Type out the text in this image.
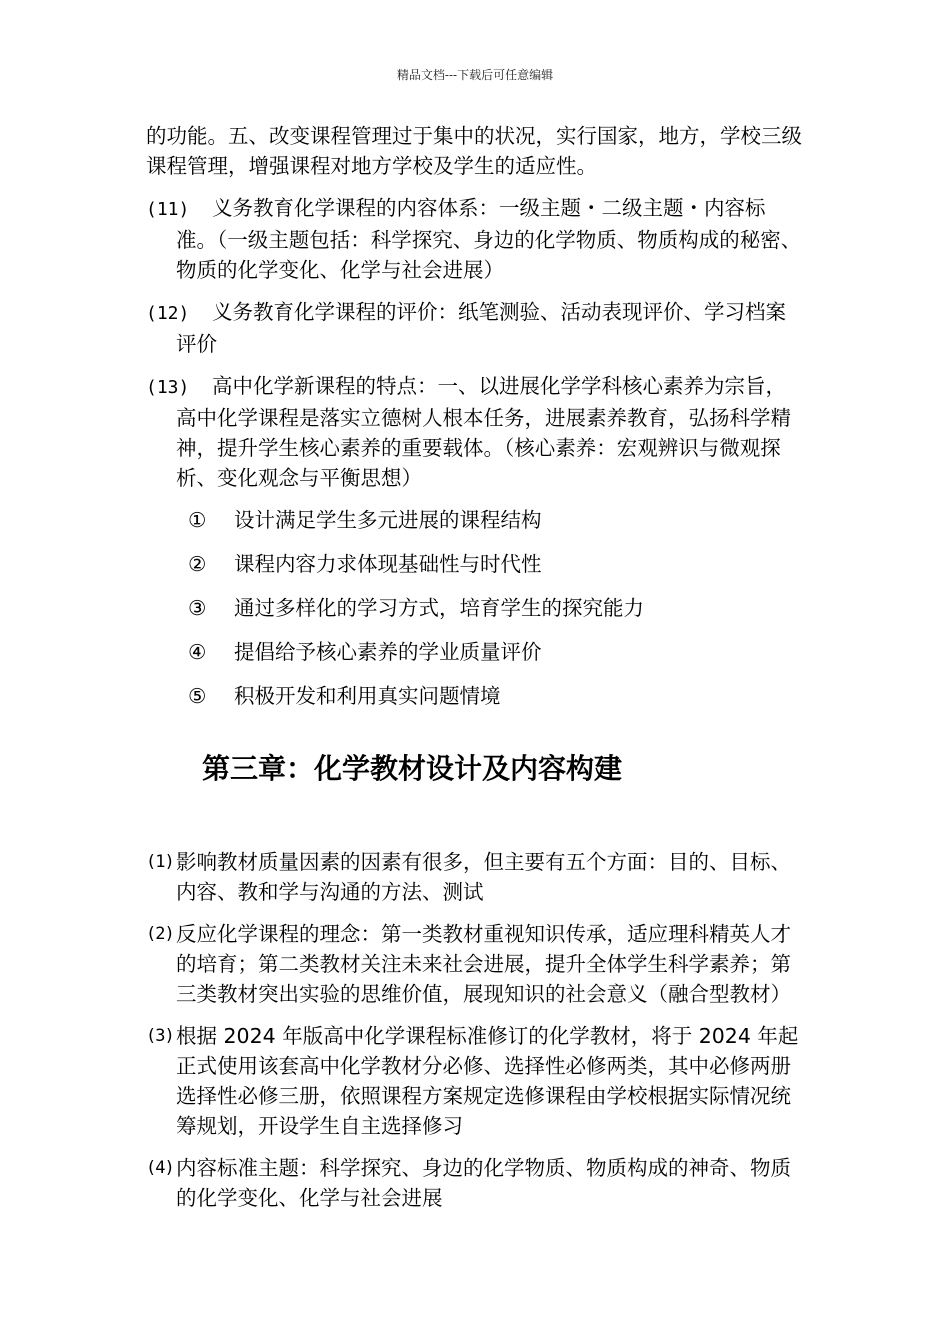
精品文档---下载后可任意编辑

的功能。五、改变课程管理过于集中的状况，实行国家，地方，学校三级课程管理，增强课程对地方学校及学生的适应性。

(11) 义务教育化学课程的内容体系：一级主题・二级主题・内容标准。（一级主题包括：科学探究、身边的化学物质、物质构成的秘密、物质的化学变化、化学与社会进展）
(12) 义务教育化学课程的评价：纸笔测验、活动表现评价、学习档案评价
(13) 高中化学新课程的特点：一、以进展化学学科核心素养为宗旨，高中化学课程是落实立德树人根本任务，进展素养教育，弘扬科学精神，提升学生核心素养的重要载体。（核心素养：宏观辨识与微观探析、变化观念与平衡思想）
① 设计满足学生多元进展的课程结构
② 课程内容力求体现基础性与时代性
③ 通过多样化的学习方式，培育学生的探究能力
④ 提倡给予核心素养的学业质量评价
⑤ 积极开发和利用真实问题情境
第三章：化学教材设计及内容构建
(1) 影响教材质量因素的因素有很多，但主要有五个方面：目的、目标、内容、教和学与沟通的方法、测试
(2) 反应化学课程的理念：第一类教材重视知识传承，适应理科精英人才的培育；第二类教材关注未来社会进展，提升全体学生科学素养；第三类教材突出实验的思维价值，展现知识的社会意义（融合型教材）
(3) 根据 2024 年版高中化学课程标准修订的化学教材，将于 2024 年起正式使用该套高中化学教材分必修、选择性必修两类，其中必修两册选择性必修三册，依照课程方案规定选修课程由学校根据实际情况统筹规划，开设学生自主选择修习
(4) 内容标准主题：科学探究、身边的化学物质、物质构成的神奇、物质的化学变化、化学与社会进展
